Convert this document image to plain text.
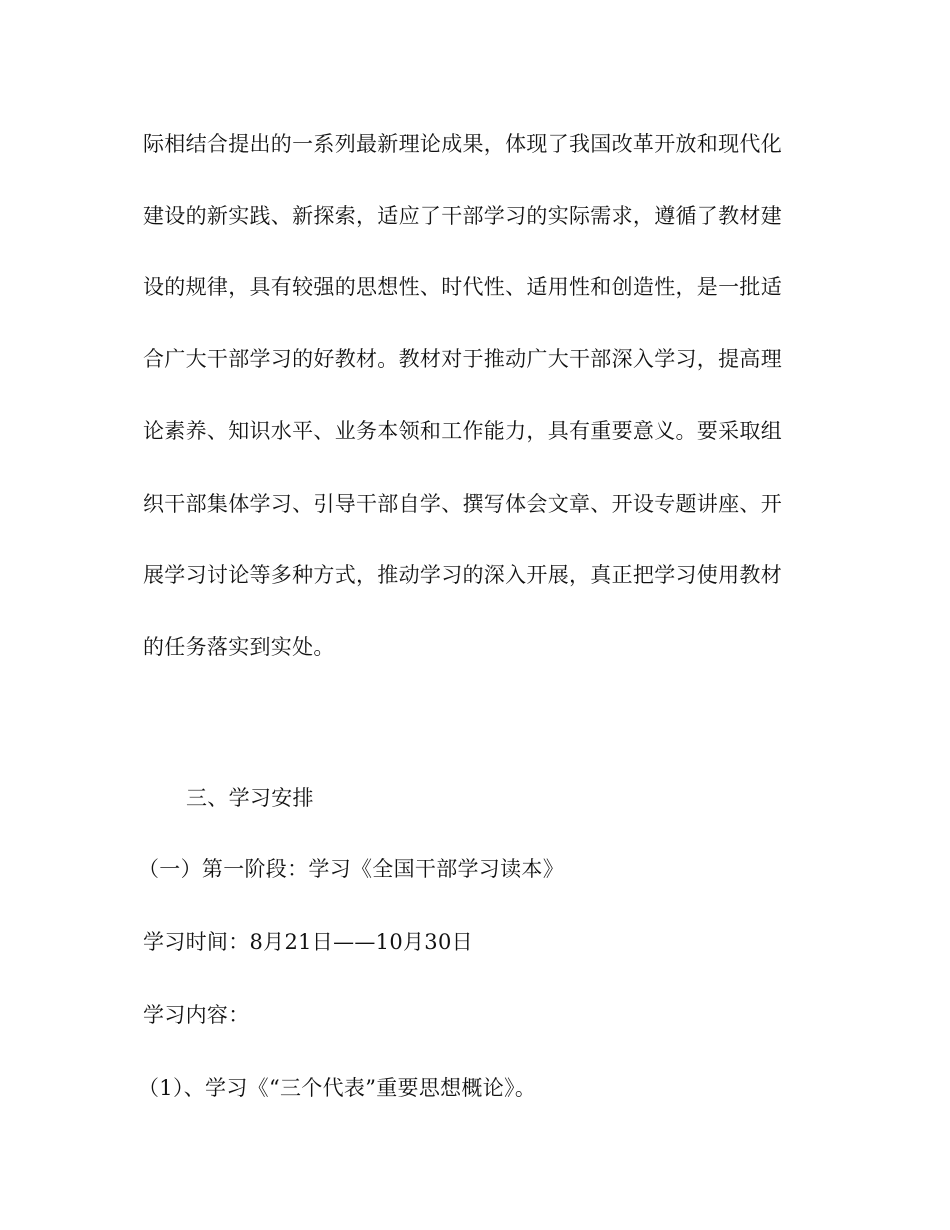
际相结合提出的一系列最新理论成果，体现了我国改革开放和现代化
建设的新实践、新探索，适应了干部学习的实际需求，遵循了教材建
设的规律，具有较强的思想性、时代性、适用性和创造性，是一批适
合广大干部学习的好教材。教材对于推动广大干部深入学习，提高理
论素养、知识水平、业务本领和工作能力，具有重要意义。要采取组
织干部集体学习、引导干部自学、撰写体会文章、开设专题讲座、开
展学习讨论等多种方式，推动学习的深入开展，真正把学习使用教材
的任务落实到实处。
三、学习安排
（一）第一阶段：学习《全国干部学习读本》
学习时间：8月21日——10月30日
学习内容：
（1）、学习《“三个代表”重要思想概论》。
